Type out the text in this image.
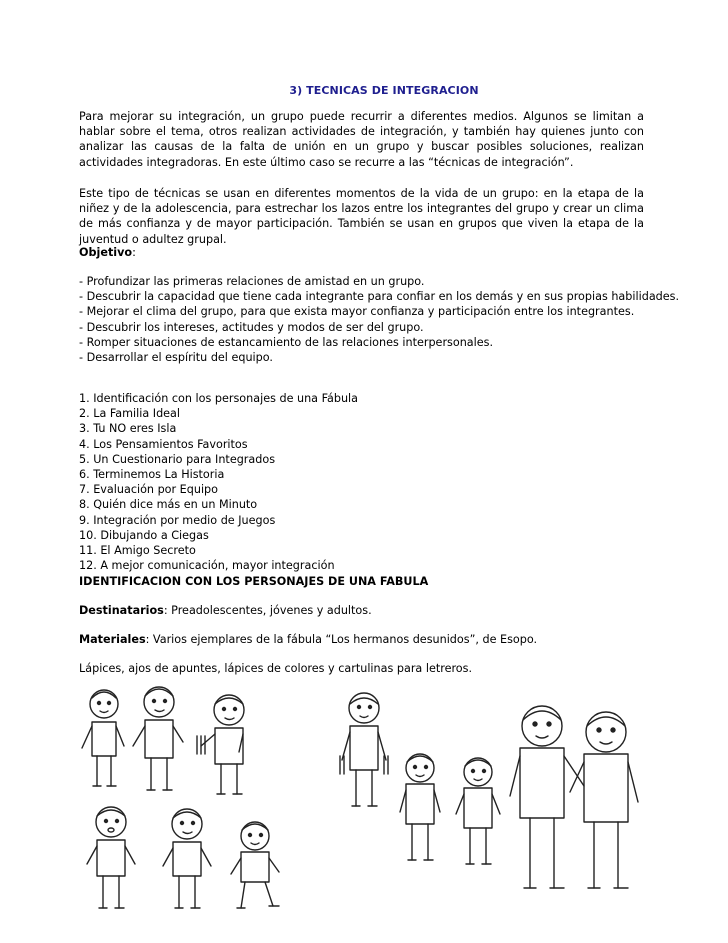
3) TECNICAS DE INTEGRACION
Para mejorar su integración, un grupo puede recurrir a diferentes medios. Algunos se limitan a hablar sobre el tema, otros realizan actividades de integración, y también hay quienes junto con analizar las causas de la falta de unión en un grupo y buscar posibles soluciones, realizan actividades integradoras. En este último caso se recurre a las “técnicas de integración”.
Este tipo de técnicas se usan en diferentes momentos de la vida de un grupo: en la etapa de la niñez y de la adolescencia, para estrechar los lazos entre los integrantes del grupo y crear un clima de más confianza y de mayor participación. También se usan en grupos que viven la etapa de la juventud o adultez grupal.
Objetivo:
- Profundizar las primeras relaciones de amistad en un grupo.
- Descubrir la capacidad que tiene cada integrante para confiar en los demás y en sus propias habilidades.
- Mejorar el clima del grupo, para que exista mayor confianza y participación entre los integrantes.
- Descubrir los intereses, actitudes y modos de ser del grupo.
- Romper situaciones de estancamiento de las relaciones interpersonales.
- Desarrollar el espíritu del equipo.
1. Identificación con los personajes de una Fábula
2. La Familia Ideal
3. Tu NO eres Isla
4. Los Pensamientos Favoritos
5. Un Cuestionario para Integrados
6. Terminemos La Historia
7. Evaluación por Equipo
8. Quién dice más en un Minuto
9. Integración por medio de Juegos
10. Dibujando a Ciegas
11. El Amigo Secreto
12. A mejor comunicación, mayor integración
IDENTIFICACION CON LOS PERSONAJES DE UNA FABULA
Destinatarios: Preadolescentes, jóvenes y adultos.
Materiales: Varios ejemplares de la fábula “Los hermanos desunidos”, de Esopo.
Lápices, ajos de apuntes, lápices de colores y cartulinas para letreros.
